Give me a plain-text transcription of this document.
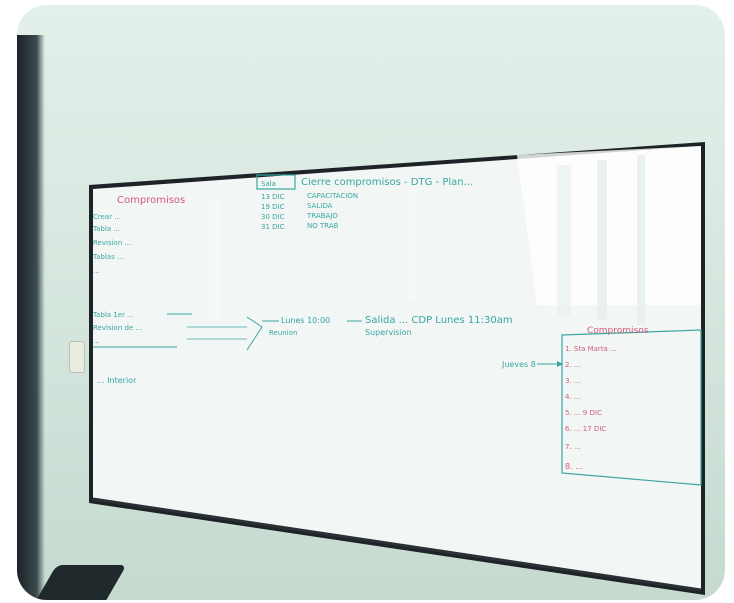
Compromisos
Crear ...
Tabla ...
Revision ...
Tablas ...
...
Sala	Cierre compromisos - DTG - Plan...
13 DIC	CAPACITACION
19 DIC	SALIDA
30 DIC	TRABAJO
31 DIC	NO TRAB
Tabla 1er ...
Revision de ...
...
Lunes 10:00
Reunion
Salida ... CDP Lunes 11:30am
Supervision
... Interior
Jueves 8
Compromisos
1. Sta Marta ...
2. ...
3. ...
4. ...
5. ... 9 DIC
6. ... 17 DIC
7. ...
8. ...
